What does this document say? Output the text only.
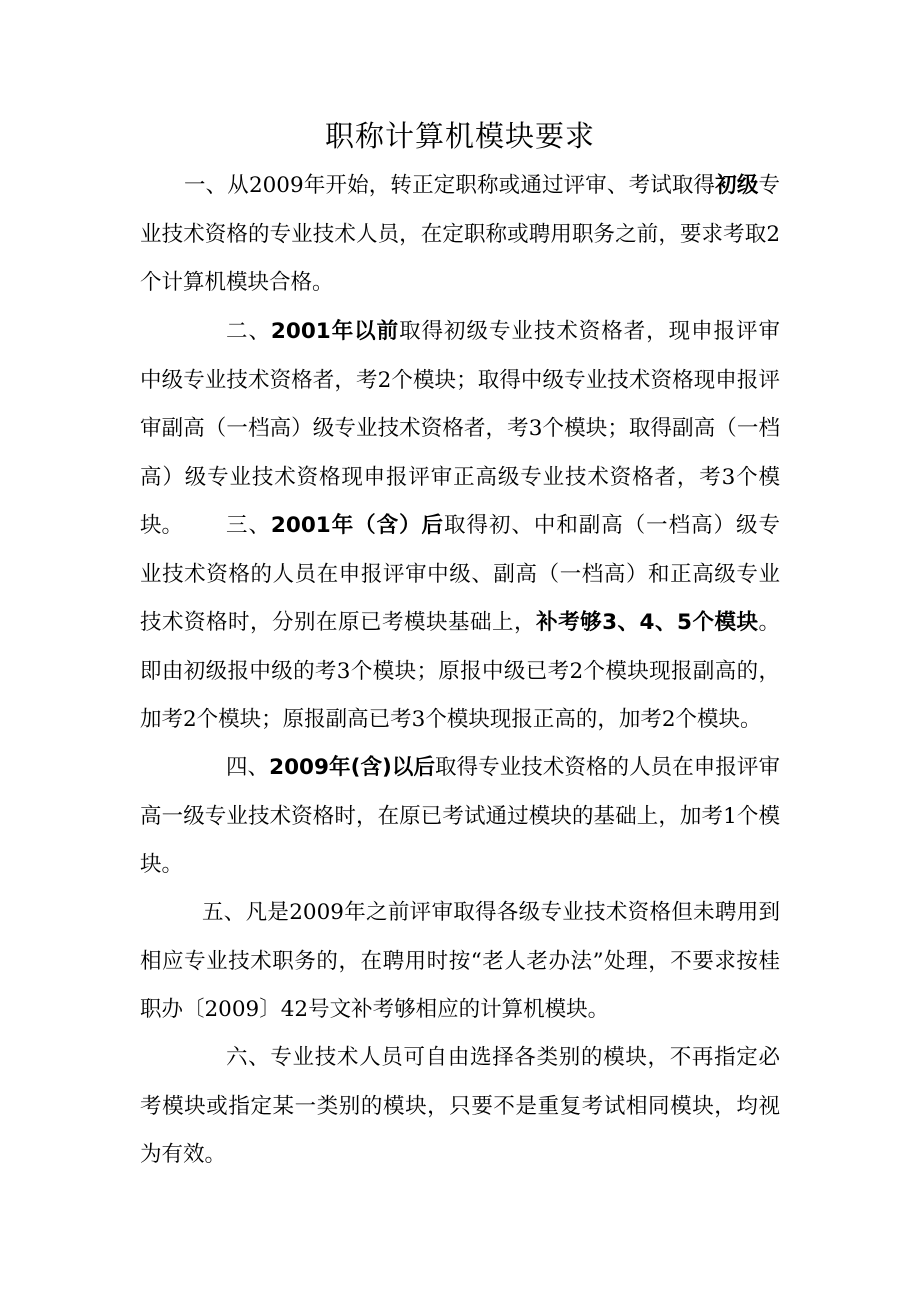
职称计算机模块要求

一、从2009年开始，转正定职称或通过评审、考试取得初级专业技术资格的专业技术人员，在定职称或聘用职务之前，要求考取2个计算机模块合格。

二、2001年以前取得初级专业技术资格者，现申报评审中级专业技术资格者，考2个模块；取得中级专业技术资格现申报评审副高（一档高）级专业技术资格者，考3个模块；取得副高（一档高）级专业技术资格现申报评审正高级专业技术资格者，考3个模块。	三、2001年（含）后取得初、中和副高（一档高）级专业技术资格的人员在申报评审中级、副高（一档高）和正高级专业技术资格时，分别在原已考模块基础上，补考够3、4、5个模块。即由初级报中级的考3个模块；原报中级已考2个模块现报副高的，加考2个模块；原报副高已考3个模块现报正高的，加考2个模块。

四、2009年(含)以后取得专业技术资格的人员在申报评审高一级专业技术资格时，在原已考试通过模块的基础上，加考1个模块。

五、凡是2009年之前评审取得各级专业技术资格但未聘用到相应专业技术职务的，在聘用时按“老人老办法”处理，不要求按桂职办〔2009〕42号文补考够相应的计算机模块。

六、专业技术人员可自由选择各类别的模块，不再指定必考模块或指定某一类别的模块，只要不是重复考试相同模块，均视为有效。
